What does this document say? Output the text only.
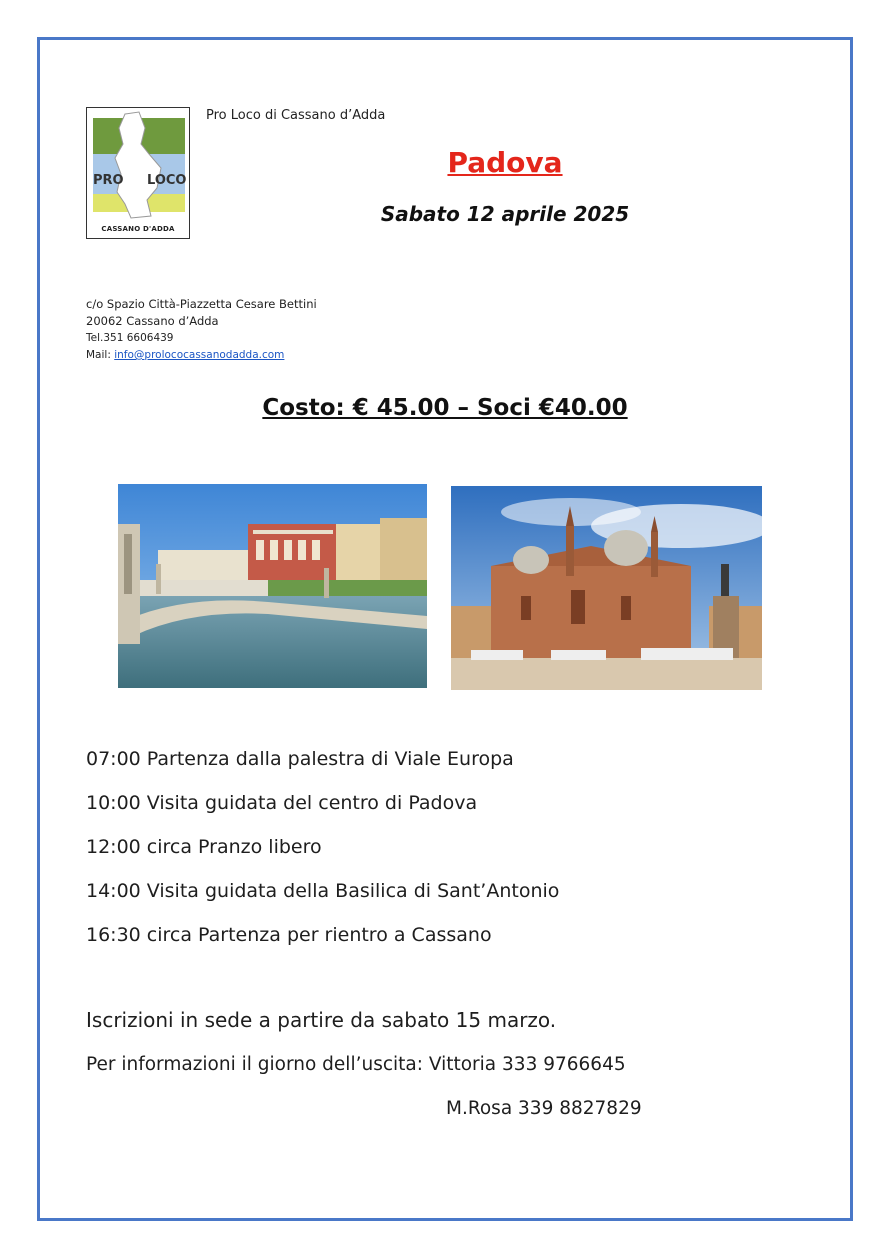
PRO LOCO
CASSANO D'ADDA
Pro Loco di Cassano d’Adda
Padova
Sabato 12 aprile 2025
c/o Spazio Città-Piazzetta Cesare Bettini
20062 Cassano d’Adda
Tel.351 6606439
Mail: info@prolococassanodadda.com
Costo: € 45.00 – Soci €40.00
07:00 Partenza dalla palestra di Viale Europa
10:00 Visita guidata del centro di Padova
12:00 circa Pranzo libero
14:00 Visita guidata della Basilica di Sant’Antonio
16:30 circa Partenza per rientro a Cassano
Iscrizioni in sede a partire da sabato 15 marzo.
Per informazioni il giorno dell’uscita: Vittoria 333 9766645
M.Rosa 339 8827829
